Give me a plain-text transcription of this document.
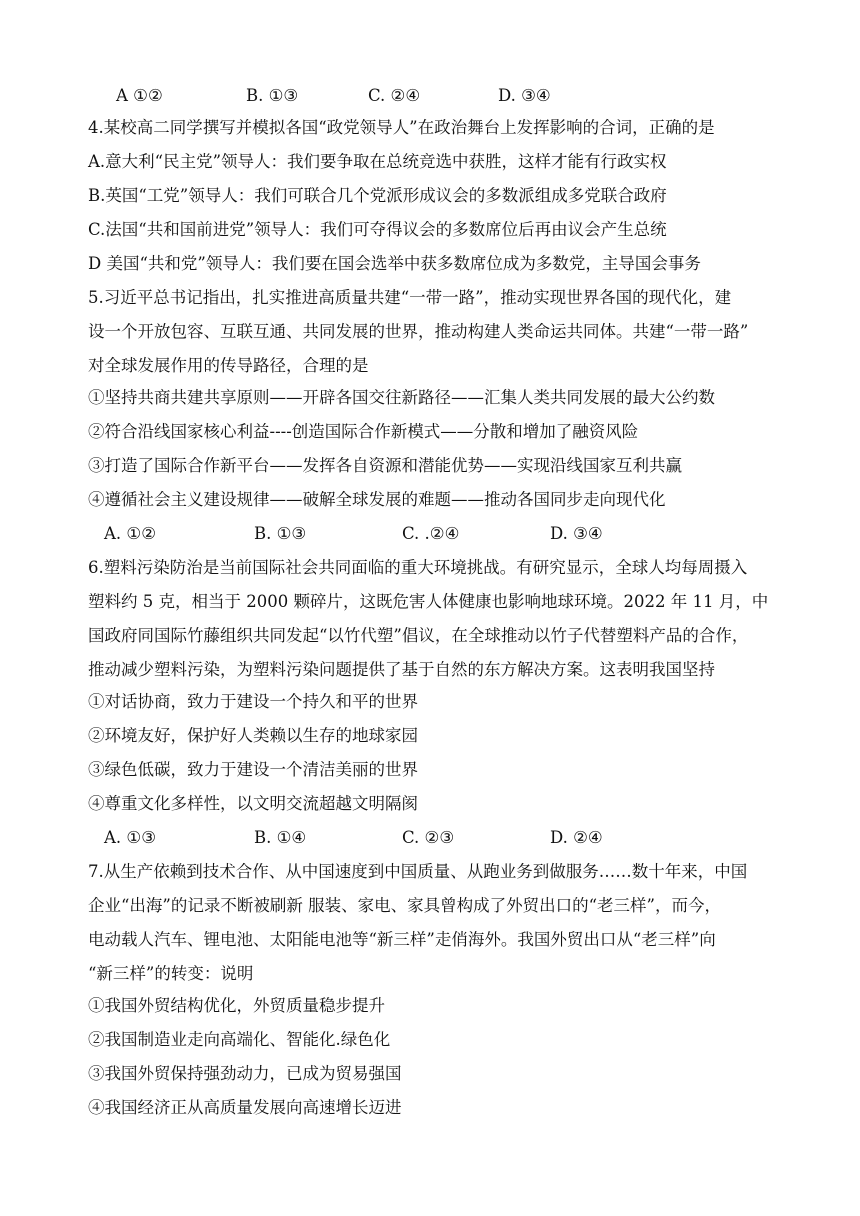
A ①②	B. ①③	C. ②④	D. ③④
4.某校高二同学撰写并模拟各国“政党领导人”在政治舞台上发挥影响的合词，正确的是
A.意大利“民主党”领导人：我们要争取在总统竞选中获胜，这样才能有行政实权
B.英国“工党”领导人：我们可联合几个党派形成议会的多数派组成多党联合政府
C.法国“共和国前进党”领导人：我们可夺得议会的多数席位后再由议会产生总统
D 美国“共和党”领导人：我们要在国会选举中获多数席位成为多数党，主导国会事务
5.习近平总书记指出，扎实推进高质量共建“一带一路”，推动实现世界各国的现代化，建
设一个开放包容、互联互通、共同发展的世界，推动构建人类命运共同体。共建“一带一路”
对全球发展作用的传导路径，合理的是
①坚持共商共建共享原则——开辟各国交往新路径——汇集人类共同发展的最大公约数
②符合沿线国家核心利益----创造国际合作新模式——分散和增加了融资风险
③打造了国际合作新平台——发挥各自资源和潜能优势——实现沿线国家互利共赢
④遵循社会主义建设规律——破解全球发展的难题——推动各国同步走向现代化
A. ①②	B. ①③	C. .②④	D. ③④
6.塑料污染防治是当前国际社会共同面临的重大环境挑战。有研究显示，全球人均每周摄入
塑料约 5 克，相当于 2000 颗碎片，这既危害人体健康也影响地球环境。2022 年 11 月，中
国政府同国际竹藤组织共同发起“以竹代塑”倡议，在全球推动以竹子代替塑料产品的合作，
推动减少塑料污染，为塑料污染问题提供了基于自然的东方解决方案。这表明我国坚持
①对话协商，致力于建设一个持久和平的世界
②环境友好，保护好人类赖以生存的地球家园
③绿色低碳，致力于建设一个清洁美丽的世界
④尊重文化多样性，以文明交流超越文明隔阂
A. ①③	B. ①④	C. ②③	D. ②④
7.从生产依赖到技术合作、从中国速度到中国质量、从跑业务到做服务……数十年来，中国
企业“出海”的记录不断被刷新 服装、家电、家具曾构成了外贸出口的“老三样”，而今，
电动载人汽车、锂电池、太阳能电池等“新三样”走俏海外。我国外贸出口从“老三样”向
“新三样”的转变：说明
①我国外贸结构优化，外贸质量稳步提升
②我国制造业走向高端化、智能化.绿色化
③我国外贸保持强劲动力，已成为贸易强国
④我国经济正从高质量发展向高速增长迈进
